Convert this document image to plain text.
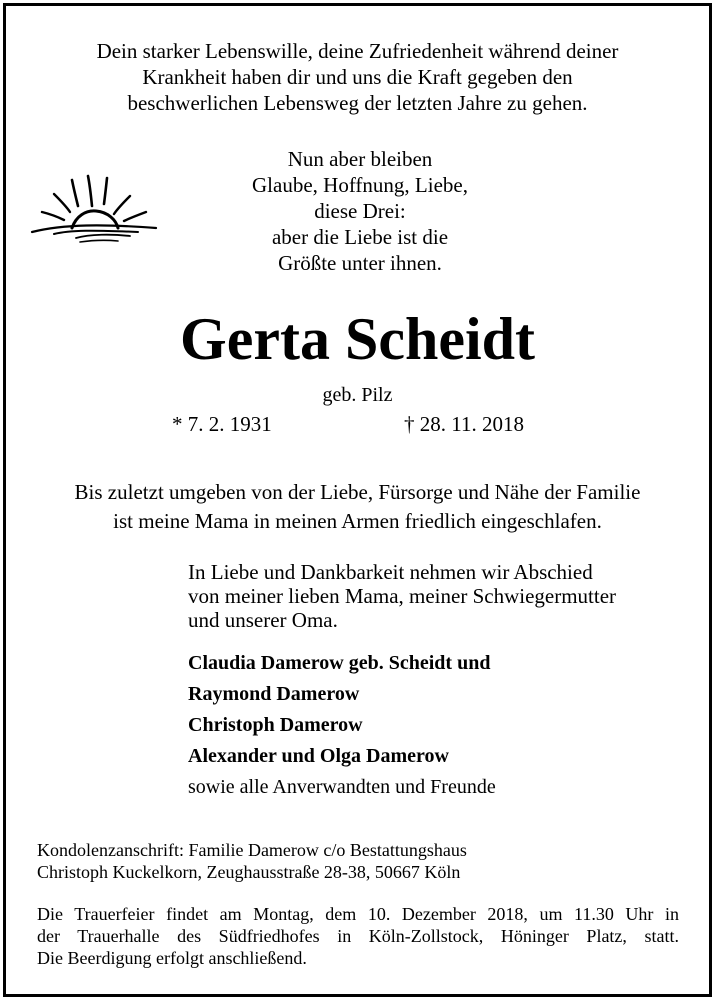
Dein starker Lebenswille, deine Zufriedenheit während deiner
Krankheit haben dir und uns die Kraft gegeben den
beschwerlichen Lebensweg der letzten Jahre zu gehen.
Nun aber bleiben
Glaube, Hoffnung, Liebe,
diese Drei:
aber die Liebe ist die
Größte unter ihnen.
Gerta Scheidt
geb. Pilz
* 7. 2. 1931	† 28. 11. 2018
Bis zuletzt umgeben von der Liebe, Fürsorge und Nähe der Familie
ist meine Mama in meinen Armen friedlich eingeschlafen.
In Liebe und Dankbarkeit nehmen wir Abschied
von meiner lieben Mama, meiner Schwiegermutter
und unserer Oma.
Claudia Damerow geb. Scheidt und
Raymond Damerow
Christoph Damerow
Alexander und Olga Damerow
sowie alle Anverwandten und Freunde
Kondolenzanschrift: Familie Damerow c/o Bestattungshaus
Christoph Kuckelkorn, Zeughausstraße 28-38, 50667 Köln
Die Trauerfeier findet am Montag, dem 10. Dezember 2018, um 11.30 Uhr in
der Trauerhalle des Südfriedhofes in Köln-Zollstock, Höninger Platz, statt.
Die Beerdigung erfolgt anschließend.
